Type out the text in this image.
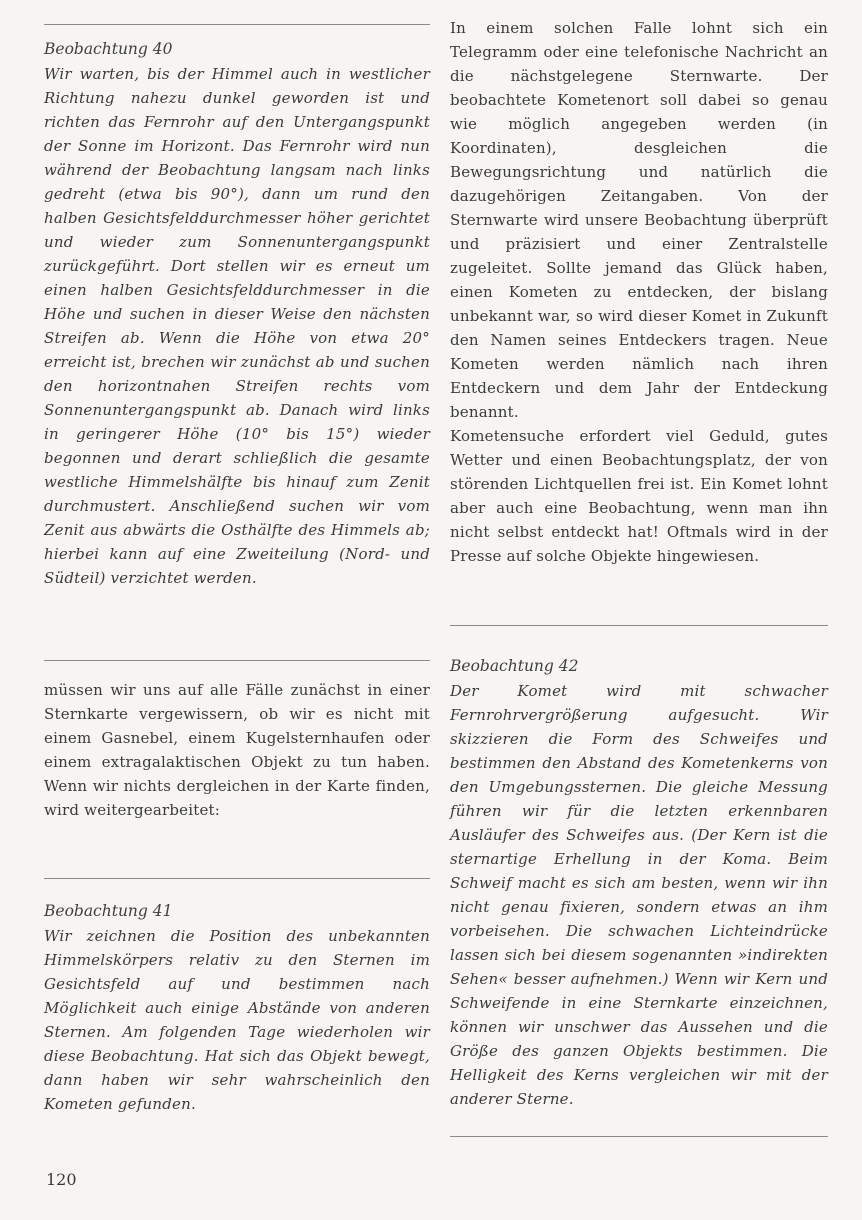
Beobachtung 40

Wir warten, bis der Himmel auch in westlicher Richtung nahezu dunkel geworden ist und richten das Fernrohr auf den Untergangspunkt der Sonne im Horizont. Das Fernrohr wird nun während der Beobachtung langsam nach links gedreht (etwa bis 90°), dann um rund den halben Gesichtsfelddurchmesser höher gerichtet und wieder zum Sonnenuntergangspunkt zurückgeführt. Dort stellen wir es erneut um einen halben Gesichtsfelddurchmesser in die Höhe und suchen in dieser Weise den nächsten Streifen ab. Wenn die Höhe von etwa 20° erreicht ist, brechen wir zunächst ab und suchen den horizontnahen Streifen rechts vom Sonnenuntergangspunkt ab. Danach wird links in geringerer Höhe (10° bis 15°) wieder begonnen und derart schließlich die gesamte westliche Himmelshälfte bis hinauf zum Zenit durchmustert. Anschließend suchen wir vom Zenit aus abwärts die Osthälfte des Himmels ab; hierbei kann auf eine Zweiteilung (Nord- und Südteil) verzichtet werden.

müssen wir uns auf alle Fälle zunächst in einer Sternkarte vergewissern, ob wir es nicht mit einem Gasnebel, einem Kugelsternhaufen oder einem extragalaktischen Objekt zu tun haben. Wenn wir nichts dergleichen in der Karte finden, wird weitergearbeitet:

Beobachtung 41

Wir zeichnen die Position des unbekannten Himmelskörpers relativ zu den Sternen im Gesichtsfeld auf und bestimmen nach Möglichkeit auch einige Abstände von anderen Sternen. Am folgenden Tage wiederholen wir diese Beobachtung. Hat sich das Objekt bewegt, dann haben wir sehr wahrscheinlich den Kometen gefunden.

In einem solchen Falle lohnt sich ein Telegramm oder eine telefonische Nachricht an die nächstgelegene Sternwarte. Der beobachtete Kometenort soll dabei so genau wie möglich angegeben werden (in Koordinaten), desgleichen die Bewegungsrichtung und natürlich die dazugehörigen Zeitangaben. Von der Sternwarte wird unsere Beobachtung überprüft und präzisiert und einer Zentralstelle zugeleitet. Sollte jemand das Glück haben, einen Kometen zu entdecken, der bislang unbekannt war, so wird dieser Komet in Zukunft den Namen seines Entdeckers tragen. Neue Kometen werden nämlich nach ihren Entdeckern und dem Jahr der Entdeckung benannt.

Kometensuche erfordert viel Geduld, gutes Wetter und einen Beobachtungsplatz, der von störenden Lichtquellen frei ist. Ein Komet lohnt aber auch eine Beobachtung, wenn man ihn nicht selbst entdeckt hat! Oftmals wird in der Presse auf solche Objekte hingewiesen.

Beobachtung 42

Der Komet wird mit schwacher Fernrohrvergrößerung aufgesucht. Wir skizzieren die Form des Schweifes und bestimmen den Abstand des Kometenkerns von den Umgebungssternen. Die gleiche Messung führen wir für die letzten erkennbaren Ausläufer des Schweifes aus. (Der Kern ist die sternartige Erhellung in der Koma. Beim Schweif macht es sich am besten, wenn wir ihn nicht genau fixieren, sondern etwas an ihm vorbeisehen. Die schwachen Lichteindrücke lassen sich bei diesem sogenannten »indirekten Sehen« besser aufnehmen.) Wenn wir Kern und Schweifende in eine Sternkarte einzeichnen, können wir unschwer das Aussehen und die Größe des ganzen Objekts bestimmen. Die Helligkeit des Kerns vergleichen wir mit der anderer Sterne.

120
